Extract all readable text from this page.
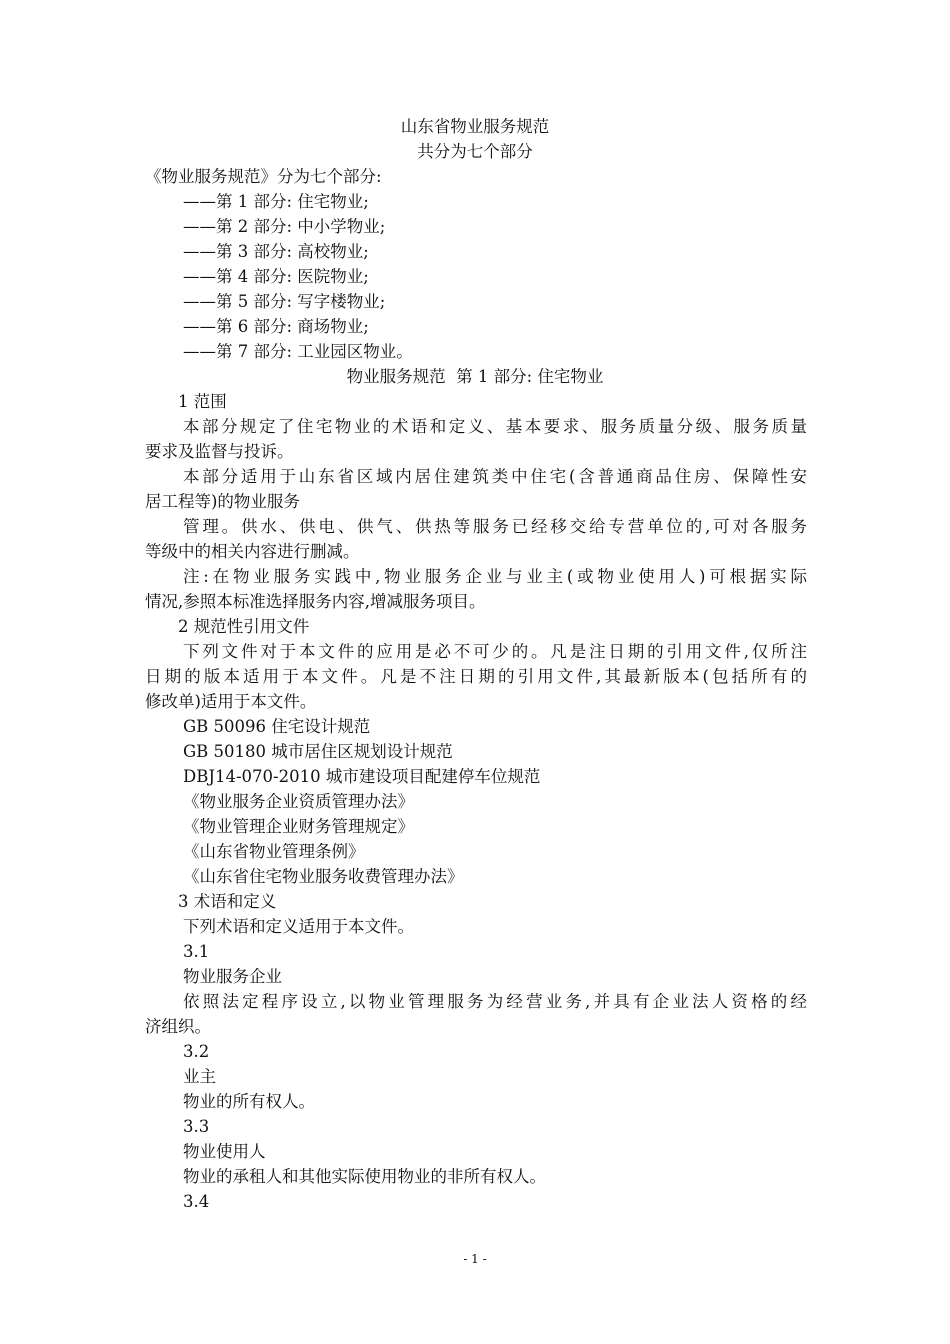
山东省物业服务规范
共分为七个部分
《物业服务规范》分为七个部分:
——第 1 部分: 住宅物业;
——第 2 部分: 中小学物业;
——第 3 部分: 高校物业;
——第 4 部分: 医院物业;
——第 5 部分: 写字楼物业;
——第 6 部分: 商场物业;
——第 7 部分: 工业园区物业。
物业服务规范  第 1 部分: 住宅物业
1 范围
本部分规定了住宅物业的术语和定义、基本要求、服务质量分级、服务质量
要求及监督与投诉。
本部分适用于山东省区域内居住建筑类中住宅(含普通商品住房、保障性安
居工程等)的物业服务
管理。供水、供电、供气、供热等服务已经移交给专营单位的,可对各服务
等级中的相关内容进行删减。
注:在物业服务实践中,物业服务企业与业主(或物业使用人)可根据实际
情况,参照本标准选择服务内容,增减服务项目。
2 规范性引用文件
下列文件对于本文件的应用是必不可少的。凡是注日期的引用文件,仅所注
日期的版本适用于本文件。凡是不注日期的引用文件,其最新版本(包括所有的
修改单)适用于本文件。
GB 50096 住宅设计规范
GB 50180 城市居住区规划设计规范
DBJ14-070-2010 城市建设项目配建停车位规范
《物业服务企业资质管理办法》
《物业管理企业财务管理规定》
《山东省物业管理条例》
《山东省住宅物业服务收费管理办法》
3 术语和定义
下列术语和定义适用于本文件。
3.1
物业服务企业
依照法定程序设立,以物业管理服务为经营业务,并具有企业法人资格的经
济组织。
3.2
业主
物业的所有权人。
3.3
物业使用人
物业的承租人和其他实际使用物业的非所有权人。
3.4
- 1 -
